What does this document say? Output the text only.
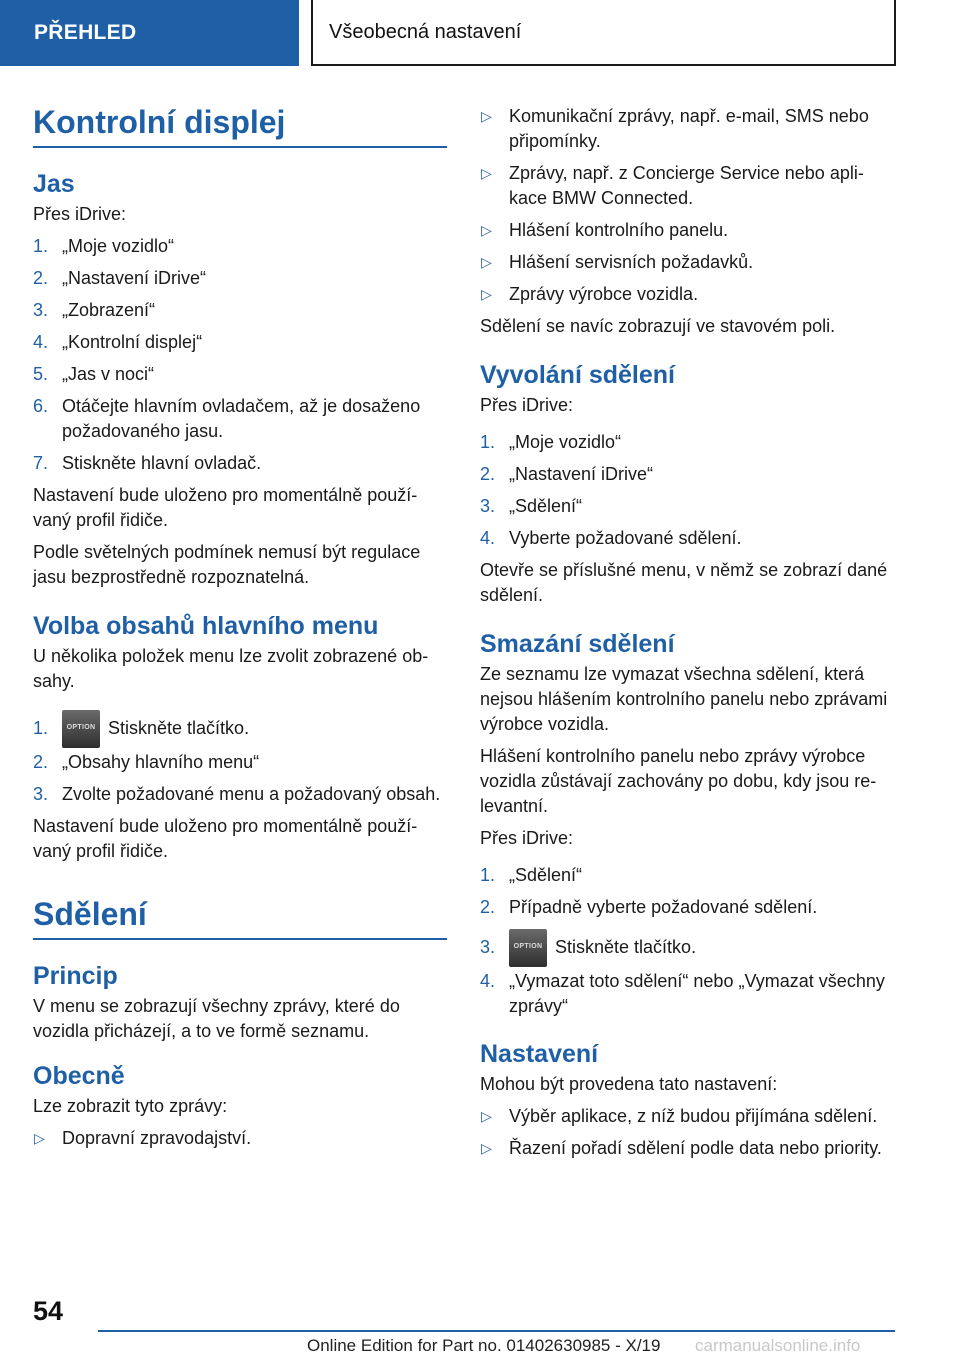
PŘEHLED	Všeobecná nastavení
Kontrolní displej
Jas

Přes iDrive:

1. „Moje vozidlo“
2. „Nastavení iDrive“
3. „Zobrazení“
4. „Kontrolní displej“
5. „Jas v noci“
6. Otáčejte hlavním ovladačem, až je dosaženo požadovaného jasu.
7. Stiskněte hlavní ovladač.

Nastavení bude uloženo pro momentálně používaný profil řidiče.

Podle světelných podmínek nemusí být regulace jasu bezprostředně rozpoznatelná.

Volba obsahů hlavního menu

U několika položek menu lze zvolit zobrazené obsahy.

1.	OPTION Stiskněte tlačítko.
2. „Obsahy hlavního menu“
3. Zvolte požadované menu a požadovaný obsah.

Nastavení bude uloženo pro momentálně používaný profil řidiče.

Sdělení
Princip

V menu se zobrazují všechny zprávy, které do vozidla přicházejí, a to ve formě seznamu.

Obecně

Lze zobrazit tyto zprávy:

▷ Dopravní zpravodajství.
▷ Komunikační zprávy, např. e-mail, SMS nebo připomínky.
▷ Zprávy, např. z Concierge Service nebo aplikace BMW Connected.
▷ Hlášení kontrolního panelu.
▷ Hlášení servisních požadavků.
▷ Zprávy výrobce vozidla.

Sdělení se navíc zobrazují ve stavovém poli.

Vyvolání sdělení

Přes iDrive:

1. „Moje vozidlo“
2. „Nastavení iDrive“
3. „Sdělení“
4. Vyberte požadované sdělení.

Otevře se příslušné menu, v němž se zobrazí dané sdělení.

Smazání sdělení

Ze seznamu lze vymazat všechna sdělení, která nejsou hlášením kontrolního panelu nebo zprávami výrobce vozidla.

Hlášení kontrolního panelu nebo zprávy výrobce vozidla zůstávají zachovány po dobu, kdy jsou relevantní.

Přes iDrive:

1. „Sdělení“
2. Případně vyberte požadované sdělení.
3.	OPTION Stiskněte tlačítko.
4. „Vymazat toto sdělení“ nebo „Vymazat všechny zprávy“
Nastavení

Mohou být provedena tato nastavení:

▷ Výběr aplikace, z níž budou přijímána sdělení.
▷ Řazení pořadí sdělení podle data nebo priority.
54
Online Edition for Part no. 01402630985 - X/19 carmanualsonline.info
